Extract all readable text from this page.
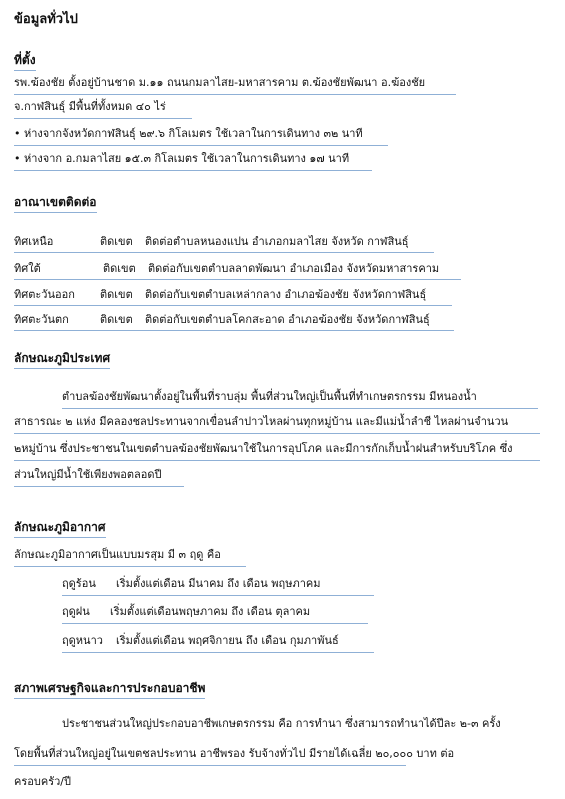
ข้อมูลทั่วไป
ที่ตั้ง
รพ.ฆ้องชัย ตั้งอยู่บ้านชาด ม.๑๑ ถนนกมลาไสย-มหาสารคาม ต.ฆ้องชัยพัฒนา อ.ฆ้องชัย
จ.กาฬสินธุ์ มีพื้นที่ทั้งหมด ๔๐ ไร่
• ห่างจากจังหวัดกาฬสินธุ์ ๒๙.๖ กิโลเมตร ใช้เวลาในการเดินทาง ๓๒ นาที
• ห่างจาก อ.กมลาไสย ๑๕.๓ กิโลเมตร ใช้เวลาในการเดินทาง ๑๗ นาที
อาณาเขตติดต่อ
ทิศเหนือ	ติดเขต ติดต่อตำบลหนองแปน อำเภอกมลาไสย จังหวัด กาฬสินธุ์
ทิศใต้	ติดเขต ติดต่อกับเขตตำบลลาดพัฒนา อำเภอเมือง จังหวัดมหาสารคาม
ทิศตะวันออก ติดเขต ติดต่อกับเขตตำบลเหล่ากลาง อำเภอฆ้องชัย จังหวัดกาฬสินธุ์
ทิศตะวันตก	ติดเขต ติดต่อกับเขตตำบลโคกสะอาด อำเภอฆ้องชัย จังหวัดกาฬสินธุ์
ลักษณะภูมิประเทศ
ตำบลฆ้องชัยพัฒนาตั้งอยู่ในพื้นที่ราบลุ่ม พื้นที่ส่วนใหญ่เป็นพื้นที่ทำเกษตรกรรม มีหนองน้ำ
สาธารณะ ๒ แห่ง มีคลองชลประทานจากเขื่อนลำปาวไหลผ่านทุกหมู่บ้าน และมีแม่น้ำลำชี ไหลผ่านจำนวน
๒หมู่บ้าน ซึ่งประชาชนในเขตตำบลฆ้องชัยพัฒนาใช้ในการอุปโภค และมีการกักเก็บน้ำฝนสำหรับบริโภค ซึ่ง
ส่วนใหญ่มีน้ำใช้เพียงพอตลอดปี
ลักษณะภูมิอากาศ
ลักษณะภูมิอากาศเป็นแบบมรสุม มี ๓ ฤดู คือ
ฤดูร้อน เริ่มตั้งแต่เดือน มีนาคม ถึง เดือน พฤษภาคม
ฤดูฝน เริ่มตั้งแต่เดือนพฤษภาคม ถึง เดือน ตุลาคม
ฤดูหนาว เริ่มตั้งแต่เดือน พฤศจิกายน ถึง เดือน กุมภาพันธ์
สภาพเศรษฐกิจและการประกอบอาชีพ
ประชาชนส่วนใหญ่ประกอบอาชีพเกษตรกรรม คือ การทำนา ซึ่งสามารถทำนาได้ปีละ ๒-๓ ครั้ง
โดยพื้นที่ส่วนใหญ่อยู่ในเขตชลประทาน อาชีพรอง รับจ้างทั่วไป มีรายได้เฉลี่ย ๒๐,๐๐๐ บาท ต่อ
ครอบครัว/ปี
